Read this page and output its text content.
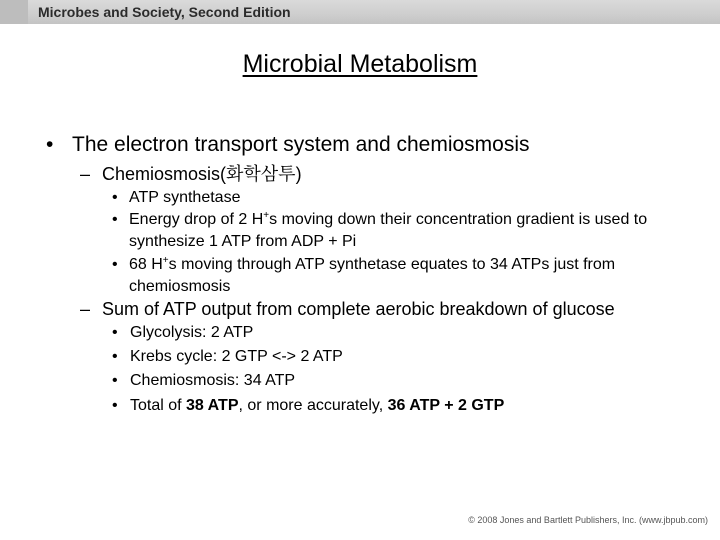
Microbes and Society, Second Edition
Microbial Metabolism
• The electron transport system and chemiosmosis
– Chemiosmosis(화학삼투)
• ATP synthetase
• Energy drop of 2 H+s moving down their concentration gradient is used to synthesize 1 ATP from ADP + Pi
• 68 H+s moving through ATP synthetase equates to 34 ATPs just from chemiosmosis
– Sum of ATP output from complete aerobic breakdown of glucose
• Glycolysis: 2 ATP
• Krebs cycle: 2 GTP <-> 2 ATP
• Chemiosmosis: 34 ATP
• Total of 38 ATP, or more accurately, 36 ATP + 2 GTP
© 2008 Jones and Bartlett Publishers, Inc. (www.jbpub.com)
